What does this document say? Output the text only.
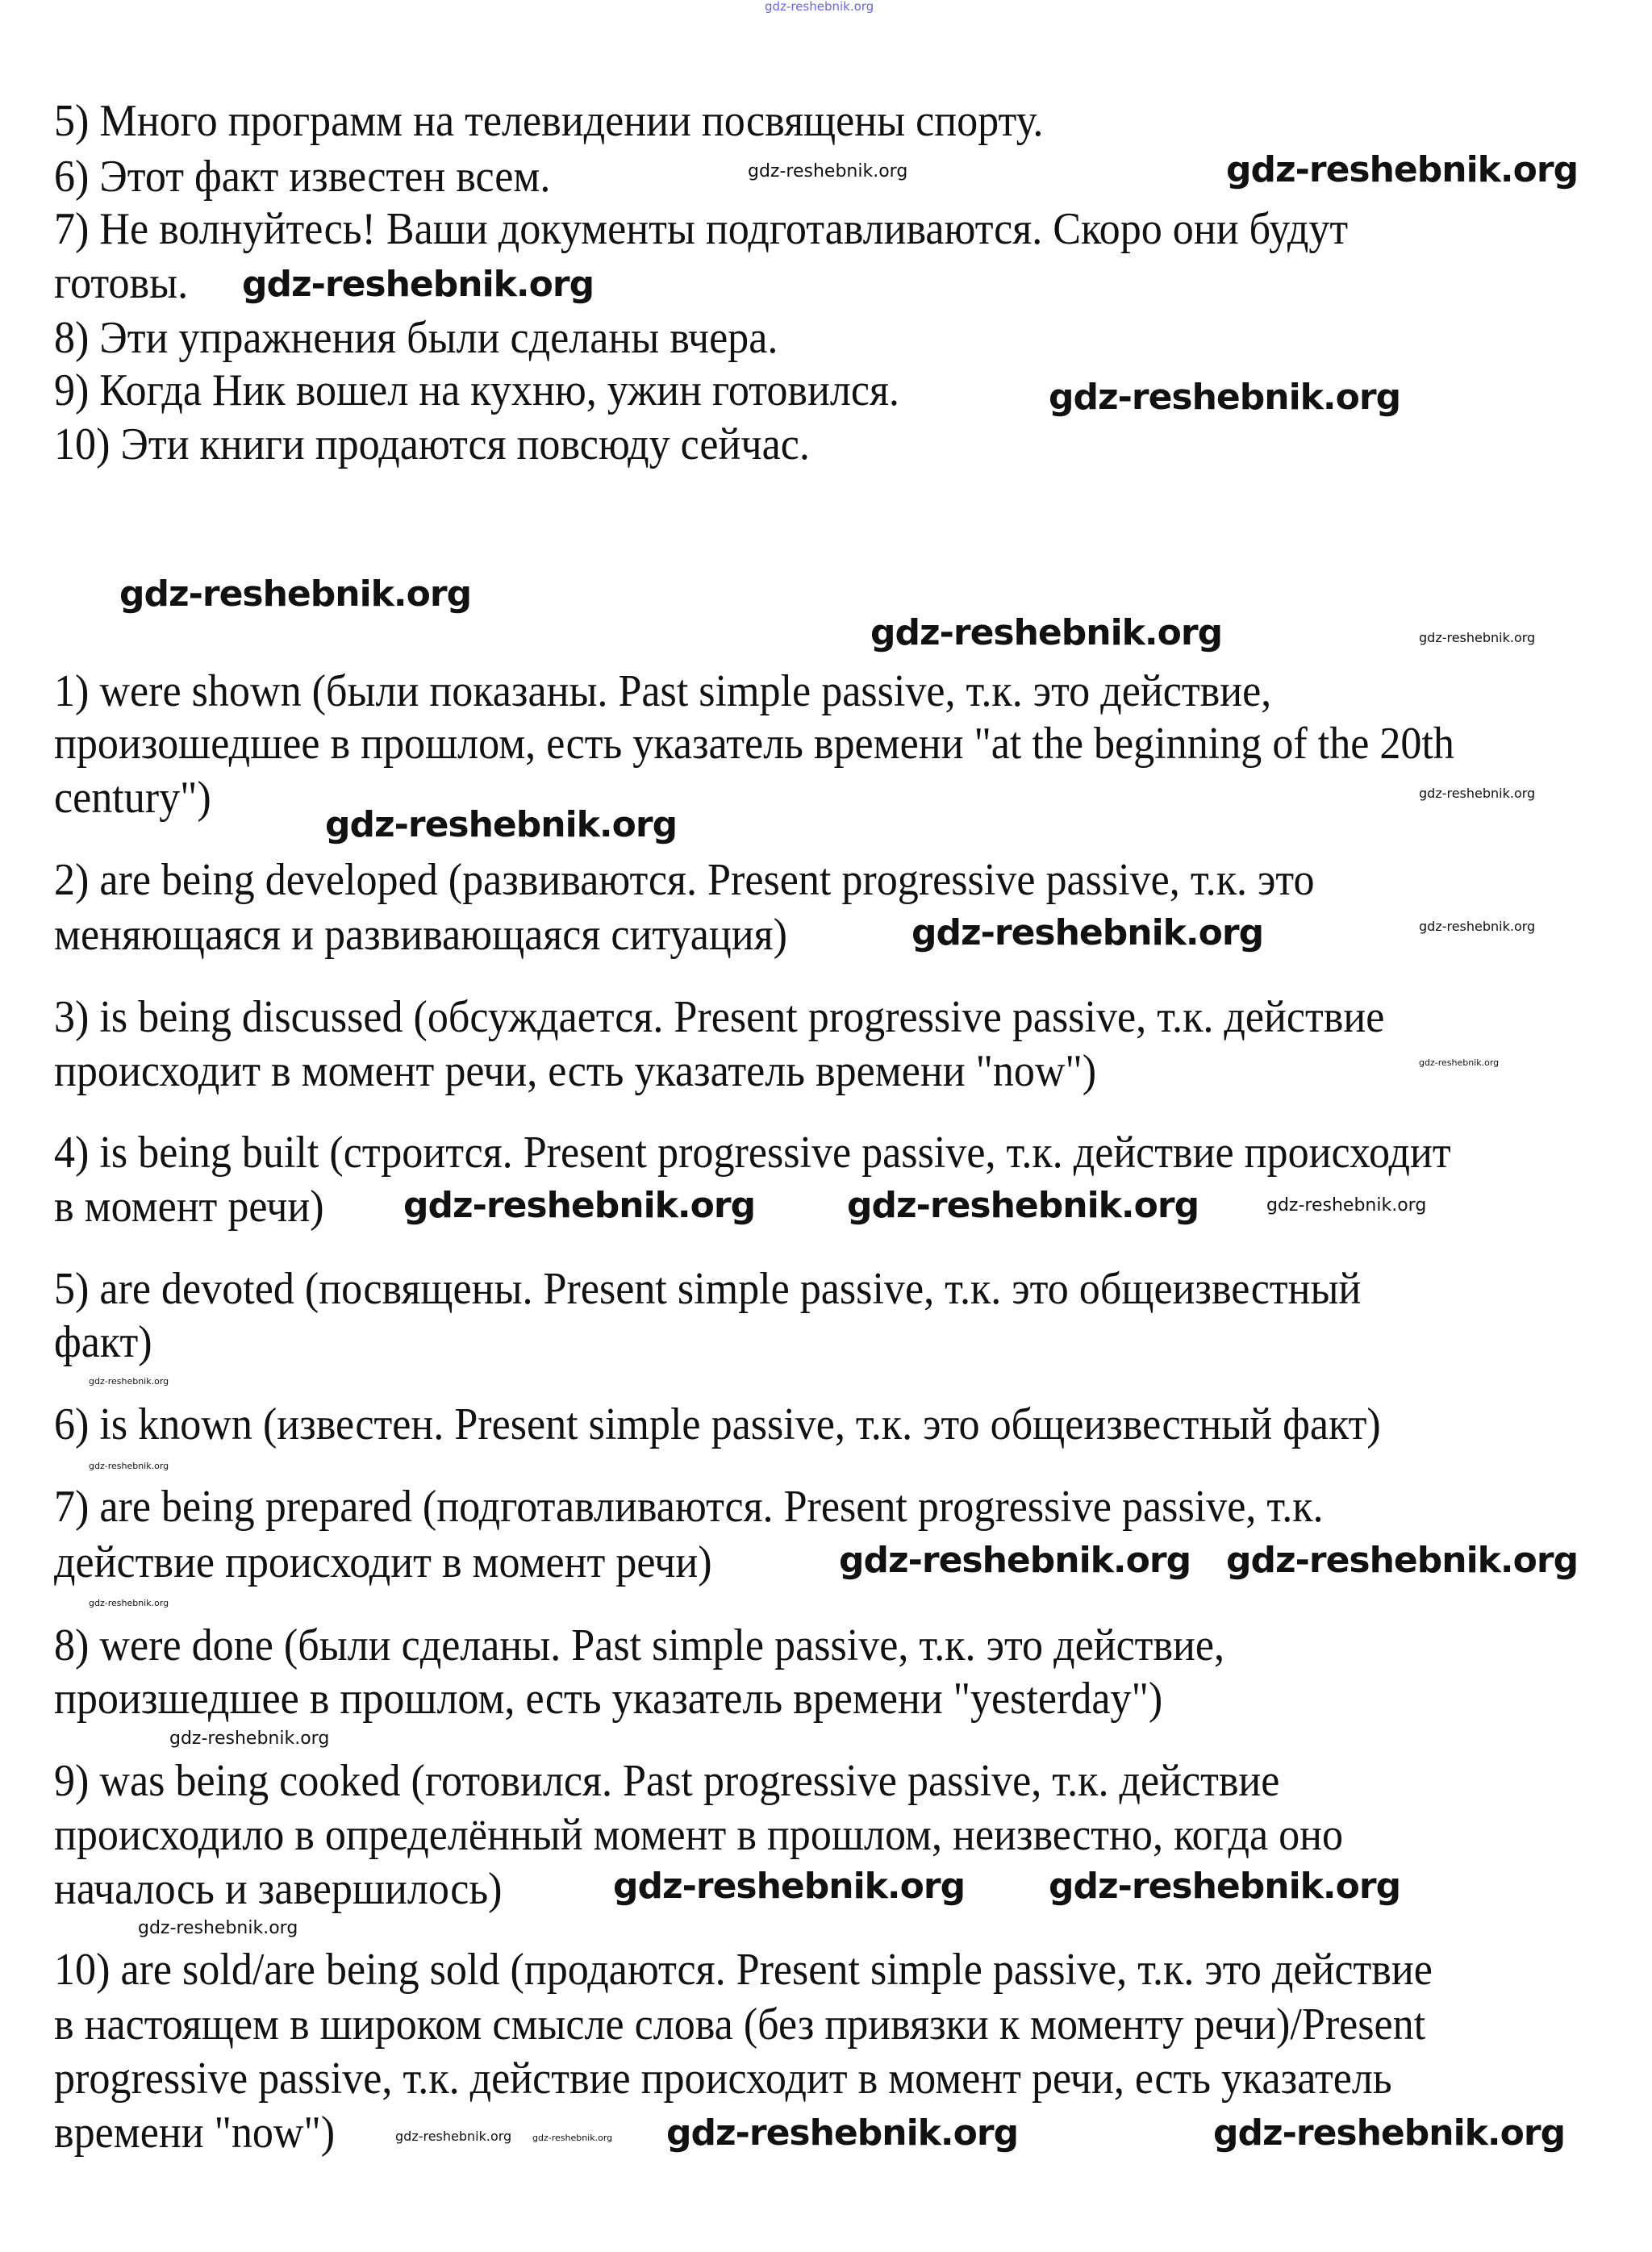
gdz-reshebnik.org
5) Много программ на телевидении посвящены спорту.
6) Этот факт известен всем.
7) Не волнуйтесь! Ваши документы подготавливаются. Скоро они будут
готовы.
8) Эти упражнения были сделаны вчера.
9) Когда Ник вошел на кухню, ужин готовился.
10) Эти книги продаются повсюду сейчас.
1) were shown (были показаны. Past simple passive, т.к. это действие,
произошедшее в прошлом, есть указатель времени "at the beginning of the 20th
century")
2) are being developed (развиваются. Present progressive passive, т.к. это
меняющаяся и развивающаяся ситуация)
3) is being discussed (обсуждается. Present progressive passive, т.к. действие
происходит в момент речи, есть указатель времени "now")
4) is being built (строится. Present progressive passive, т.к. действие происходит
в момент речи)
5) are devoted (посвящены. Present simple passive, т.к. это общеизвестный
факт)
6) is known (известен. Present simple passive, т.к. это общеизвестный факт)
7) are being prepared (подготавливаются. Present progressive passive, т.к.
действие происходит в момент речи)
8) were done (были сделаны. Past simple passive, т.к. это действие,
произшедшее в прошлом, есть указатель времени "yesterday")
9) was being cooked (готовился. Past progressive passive, т.к. действие
происходило в определённый момент в прошлом, неизвестно, когда оно
началось и завершилось)
10) are sold/are being sold (продаются. Present simple passive, т.к. это действие
в настоящем в широком смысле слова (без привязки к моменту речи)/Present
progressive passive, т.к. действие происходит в момент речи, есть указатель
времени "now")
gdz-reshebnik.org
gdz-reshebnik.org
gdz-reshebnik.org
gdz-reshebnik.org
gdz-reshebnik.org
gdz-reshebnik.org
gdz-reshebnik.org
gdz-reshebnik.org	gdz-reshebnik.org
gdz-reshebnik.org gdz-reshebnik.org
gdz-reshebnik.org gdz-reshebnik.org
gdz-reshebnik.org	gdz-reshebnik.org
gdz-reshebnik.org
gdz-reshebnik.org
gdz-reshebnik.org
gdz-reshebnik.org
gdz-reshebnik.org
gdz-reshebnik.org
gdz-reshebnik.org
gdz-reshebnik.org
gdz-reshebnik.org
gdz-reshebnik.org
gdz-reshebnik.org
gdz-reshebnik.org gdz-reshebnik.org
